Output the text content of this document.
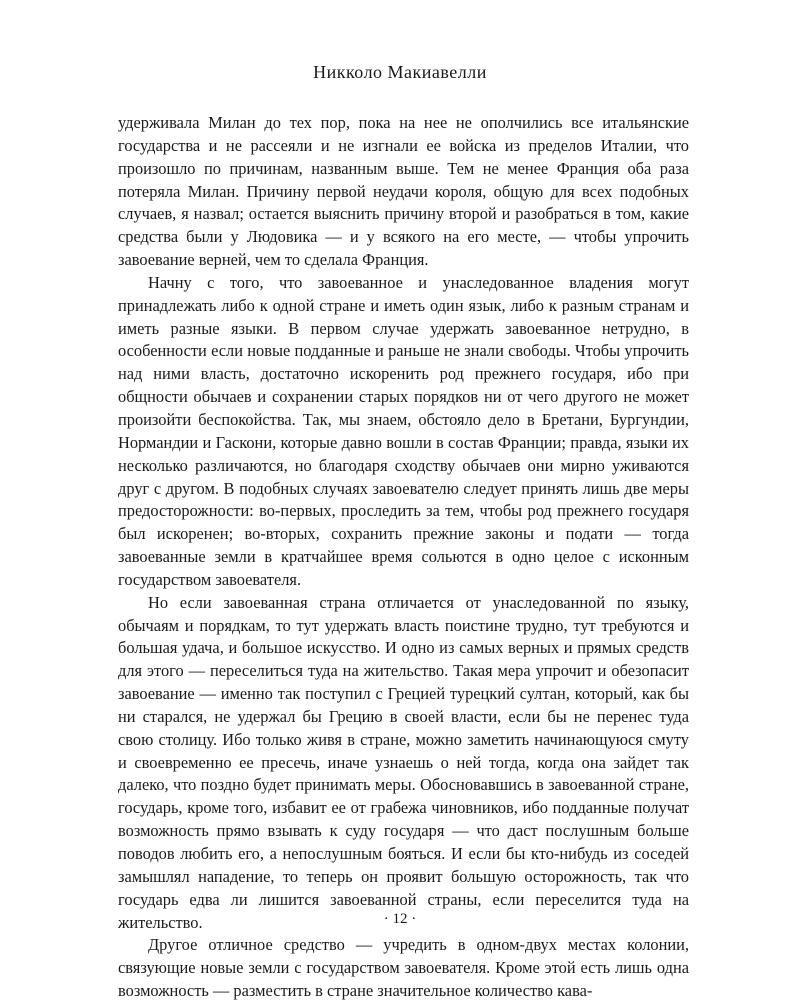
Никколо Макиавелли

удерживала Милан до тех пор, пока на нее не ополчились все итальянские государства и не рассеяли и не изгнали ее войска из пределов Италии, что произошло по причинам, названным выше. Тем не менее Франция оба раза потеряла Милан. Причину первой неудачи короля, общую для всех подобных случаев, я назвал; остается выяснить причину второй и разобраться в том, какие средства были у Людовика — и у всякого на его месте, — чтобы упрочить завоевание верней, чем то сделала Франция.

Начну с того, что завоеванное и унаследованное владения могут принадлежать либо к одной стране и иметь один язык, либо к разным странам и иметь разные языки. В первом случае удержать завоеванное нетрудно, в особенности если новые подданные и раньше не знали свободы. Чтобы упрочить над ними власть, достаточно искоренить род прежнего государя, ибо при общности обычаев и сохранении старых порядков ни от чего другого не может произойти беспокойства. Так, мы знаем, обстояло дело в Бретани, Бургундии, Нормандии и Гаскони, которые давно вошли в состав Франции; правда, языки их несколько различаются, но благодаря сходству обычаев они мирно уживаются друг с другом. В подобных случаях завоевателю следует принять лишь две меры предосторожности: во-первых, проследить за тем, чтобы род прежнего государя был искоренен; во-вторых, сохранить прежние законы и подати — тогда завоеванные земли в кратчайшее время сольются в одно целое с исконным государством завоевателя.

Но если завоеванная страна отличается от унаследованной по языку, обычаям и порядкам, то тут удержать власть поистине трудно, тут требуются и большая удача, и большое искусство. И одно из самых верных и прямых средств для этого — переселиться туда на жительство. Такая мера упрочит и обезопасит завоевание — именно так поступил с Грецией турецкий султан, который, как бы ни старался, не удержал бы Грецию в своей власти, если бы не перенес туда свою столицу. Ибо только живя в стране, можно заметить начинающуюся смуту и своевременно ее пресечь, иначе узнаешь о ней тогда, когда она зайдет так далеко, что поздно будет принимать меры. Обосновавшись в завоеванной стране, государь, кроме того, избавит ее от грабежа чиновников, ибо подданные получат возможность прямо взывать к суду государя — что даст послушным больше поводов любить его, а непослушным бояться. И если бы кто-нибудь из соседей замышлял нападение, то теперь он проявит большую осторожность, так что государь едва ли лишится завоеванной страны, если переселится туда на жительство.

Другое отличное средство — учредить в одном-двух местах колонии, связующие новые земли с государством завоевателя. Кроме этой есть лишь одна возможность — разместить в стране значительное количество кава-

· 12 ·
